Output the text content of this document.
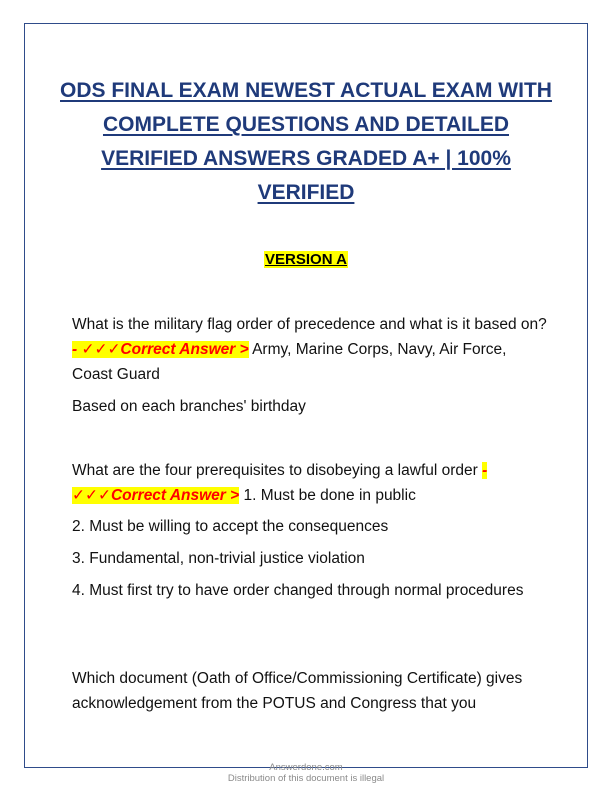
ODS FINAL EXAM NEWEST ACTUAL EXAM WITH COMPLETE QUESTIONS AND DETAILED VERIFIED ANSWERS GRADED A+ | 100% VERIFIED
VERSION A

What is the military flag order of precedence and what is it based on? - ✓✓✓Correct Answer > Army, Marine Corps, Navy, Air Force, Coast Guard

Based on each branches' birthday

What are the four prerequisites to disobeying a lawful order - ✓✓✓Correct Answer > 1. Must be done in public

2. Must be willing to accept the consequences

3. Fundamental, non-trivial justice violation

4. Must first try to have order changed through normal procedures

Which document (Oath of Office/Commissioning Certificate) gives acknowledgement from the POTUS and Congress that you

Answerdone.com
Distribution of this document is illegal
